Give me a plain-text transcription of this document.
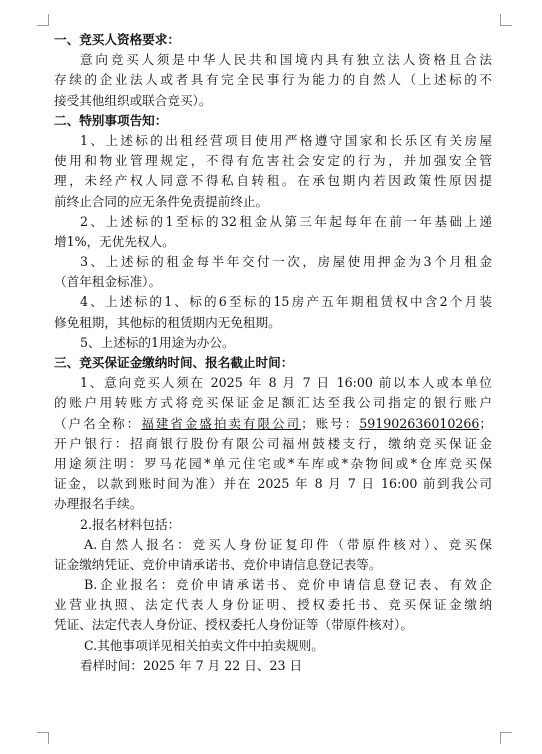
一、竞买人资格要求：
意向竞买人须是中华人民共和国境内具有独立法人资格且合法
存续的企业法人或者具有完全民事行为能力的自然人（上述标的不
接受其他组织或联合竞买）。
二、特别事项告知：
1、上述标的出租经营项目使用严格遵守国家和长乐区有关房屋
使用和物业管理规定，不得有危害社会安定的行为，并加强安全管
理，未经产权人同意不得私自转租。在承包期内若因政策性原因提
前终止合同的应无条件免责提前终止。
2、上述标的1至标的32租金从第三年起每年在前一年基础上递
增1%，无优先权人。
3、上述标的租金每半年交付一次，房屋使用押金为3个月租金
（首年租金标准）。
4、上述标的1、标的6至标的15房产五年期租赁权中含2个月装
修免租期，其他标的租赁期内无免租期。
5、上述标的1用途为办公。
三、竞买保证金缴纳时间、报名截止时间：
1、意向竞买人须在 2025 年 8 月 7 日 16:00 前以本人或本单位
的账户用转账方式将竞买保证金足额汇达至我公司指定的银行账户
（户名全称：福建省金盛拍卖有限公司；账号：591902636010266；
开户银行：招商银行股份有限公司福州鼓楼支行，缴纳竞买保证金
用途须注明：罗马花园*单元住宅或*车库或*杂物间或*仓库竞买保
证金，以款到账时间为准）并在 2025 年 8 月 7 日 16:00 前到我公司
办理报名手续。
2.报名材料包括：
A.自然人报名：竞买人身份证复印件（带原件核对）、竞买保
证金缴纳凭证、竞价申请承诺书、竞价申请信息登记表等。
B.企业报名：竞价申请承诺书、竞价申请信息登记表、有效企
业营业执照、法定代表人身份证明、授权委托书、竞买保证金缴纳
凭证、法定代表人身份证、授权委托人身份证等（带原件核对）。
C.其他事项详见相关拍卖文件中拍卖规则。
看样时间：2025 年 7 月 22 日、23 日
